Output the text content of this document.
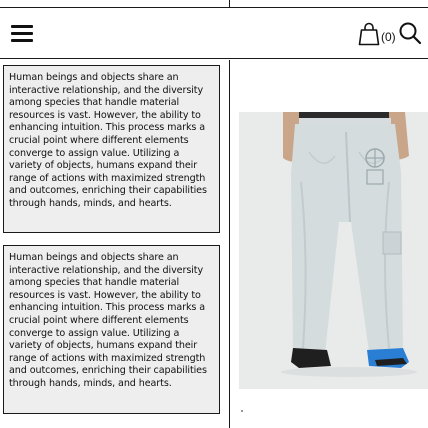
(0)

Human beings and objects share an interactive relationship, and the diversity among species that handle material resources is vast. However, the ability to enhancing intuition. This process marks a crucial point where different elements converge to assign value. Utilizing a variety of objects, humans expand their range of actions with maximized strength and outcomes, enriching their capabilities through hands, minds, and hearts.

Human beings and objects share an interactive relationship, and the diversity among species that handle material resources is vast. However, the ability to enhancing intuition. This process marks a crucial point where different elements converge to assign value. Utilizing a variety of objects, humans expand their range of actions with maximized strength and outcomes, enriching their capabilities through hands, minds, and hearts.
